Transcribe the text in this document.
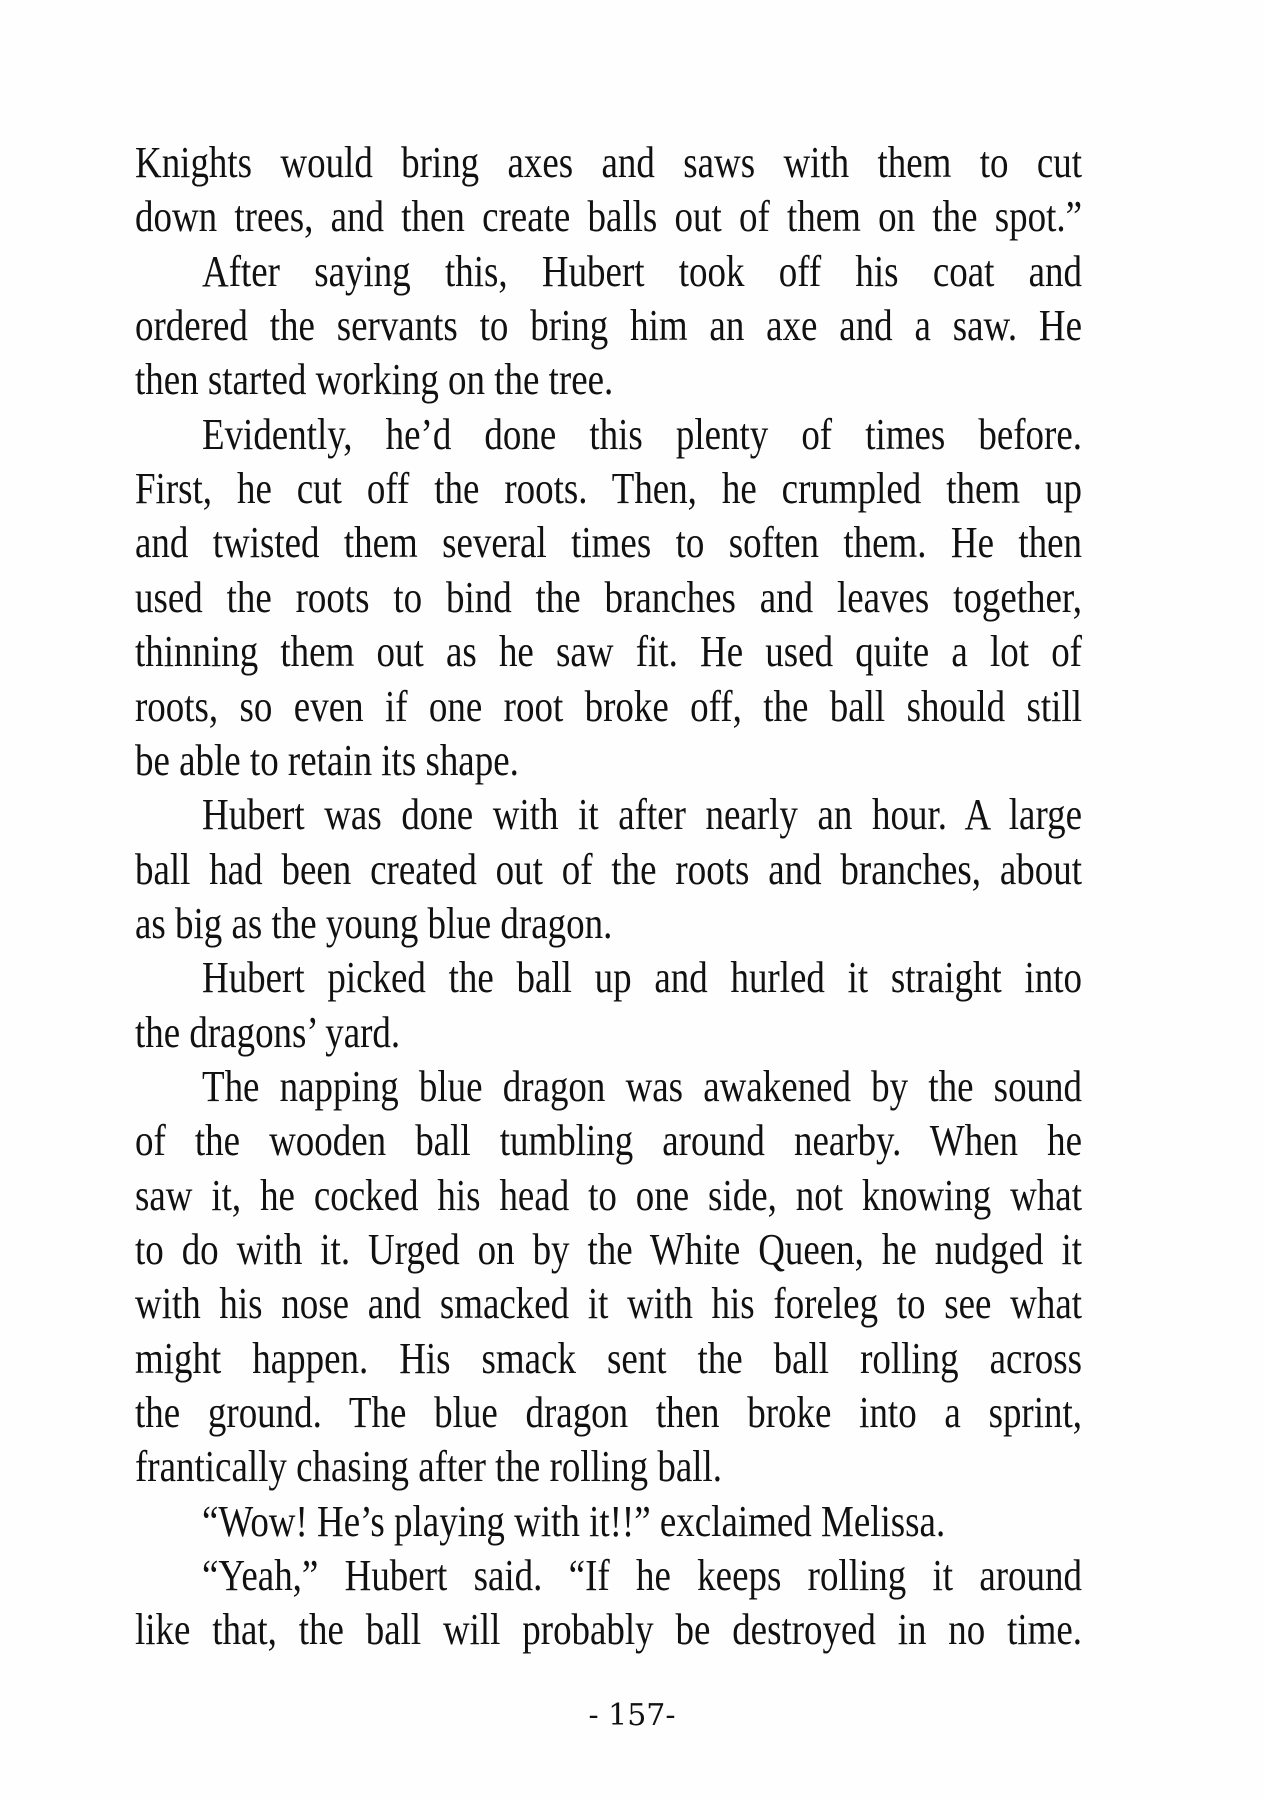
Knights would bring axes and saws with them to cut
down trees, and then create balls out of them on the spot.”
After saying this, Hubert took off his coat and
ordered the servants to bring him an axe and a saw. He
then started working on the tree.
Evidently, he’d done this plenty of times before.
First, he cut off the roots. Then, he crumpled them up
and twisted them several times to soften them. He then
used the roots to bind the branches and leaves together,
thinning them out as he saw fit. He used quite a lot of
roots, so even if one root broke off, the ball should still
be able to retain its shape.
Hubert was done with it after nearly an hour. A large
ball had been created out of the roots and branches, about
as big as the young blue dragon.
Hubert picked the ball up and hurled it straight into
the dragons’ yard.
The napping blue dragon was awakened by the sound
of the wooden ball tumbling around nearby. When he
saw it, he cocked his head to one side, not knowing what
to do with it. Urged on by the White Queen, he nudged it
with his nose and smacked it with his foreleg to see what
might happen. His smack sent the ball rolling across
the ground. The blue dragon then broke into a sprint,
frantically chasing after the rolling ball.
“Wow! He’s playing with it!!” exclaimed Melissa.
“Yeah,” Hubert said. “If he keeps rolling it around
like that, the ball will probably be destroyed in no time.
- 157-
